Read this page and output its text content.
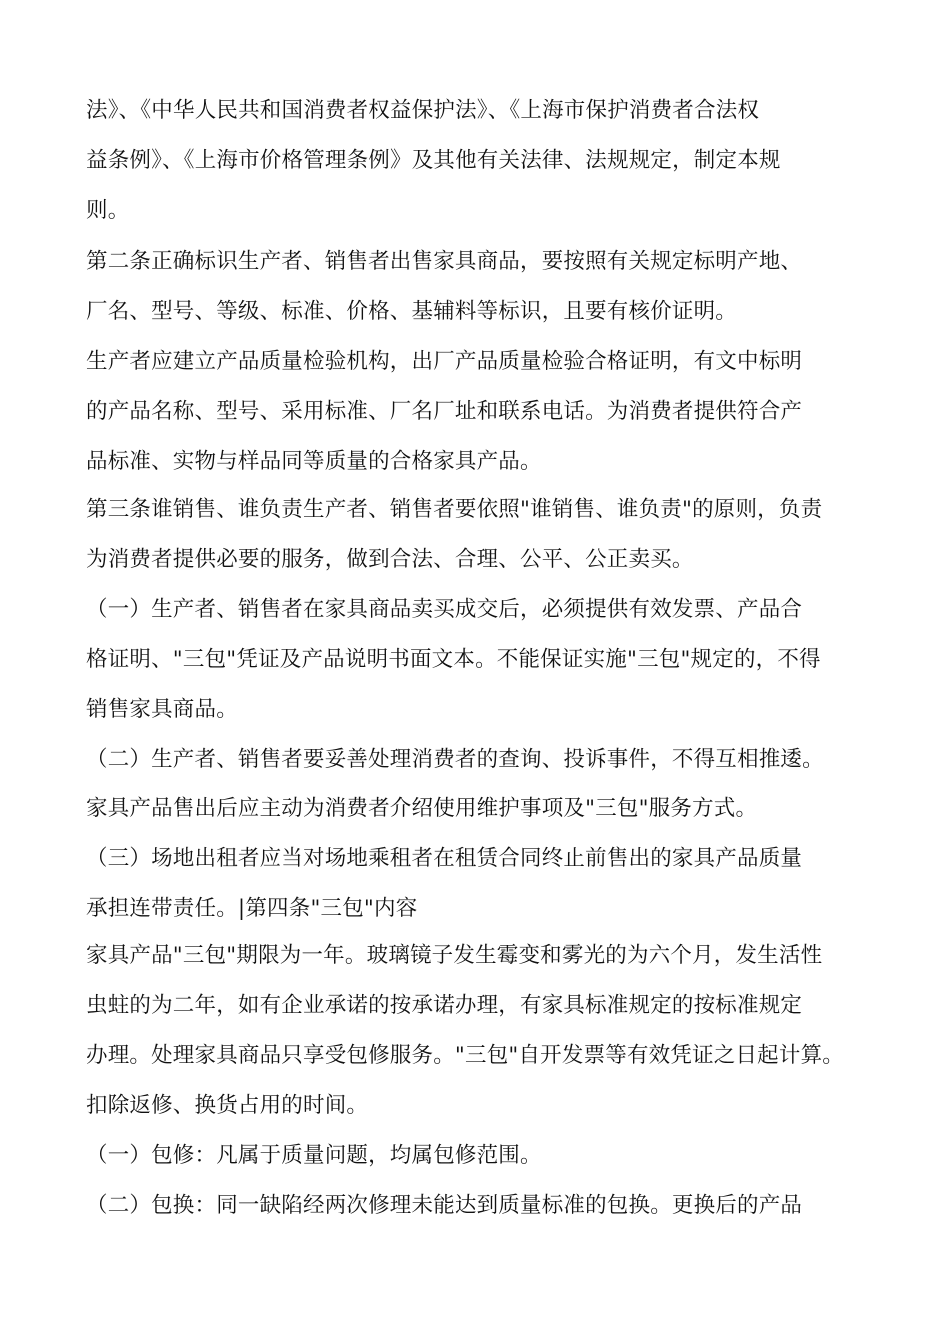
法》、《中华人民共和国消费者权益保护法》、《上海市保护消费者合法权
益条例》、《上海市价格管理条例》及其他有关法律、法规规定，制定本规
则。
第二条正确标识生产者、销售者出售家具商品，要按照有关规定标明产地、
厂名、型号、等级、标准、价格、基辅料等标识，且要有核价证明。
生产者应建立产品质量检验机构，出厂产品质量检验合格证明，有文中标明
的产品名称、型号、采用标准、厂名厂址和联系电话。为消费者提供符合产
品标准、实物与样品同等质量的合格家具产品。
第三条谁销售、谁负责生产者、销售者要依照"谁销售、谁负责"的原则，负责
为消费者提供必要的服务，做到合法、合理、公平、公正卖买。
（一）生产者、销售者在家具商品卖买成交后，必须提供有效发票、产品合
格证明、"三包"凭证及产品说明书面文本。不能保证实施"三包"规定的，不得
销售家具商品。
（二）生产者、销售者要妥善处理消费者的查询、投诉事件，不得互相推逶。
家具产品售出后应主动为消费者介绍使用维护事项及"三包"服务方式。
（三）场地出租者应当对场地乘租者在租赁合同终止前售出的家具产品质量
承担连带责任。|第四条"三包"内容
家具产品"三包"期限为一年。玻璃镜子发生霉变和雾光的为六个月，发生活性
虫蛀的为二年，如有企业承诺的按承诺办理，有家具标准规定的按标准规定
办理。处理家具商品只享受包修服务。"三包"自开发票等有效凭证之日起计算。
扣除返修、换货占用的时间。
（一）包修：凡属于质量问题，均属包修范围。
（二）包换：同一缺陷经两次修理未能达到质量标准的包换。更换后的产品
